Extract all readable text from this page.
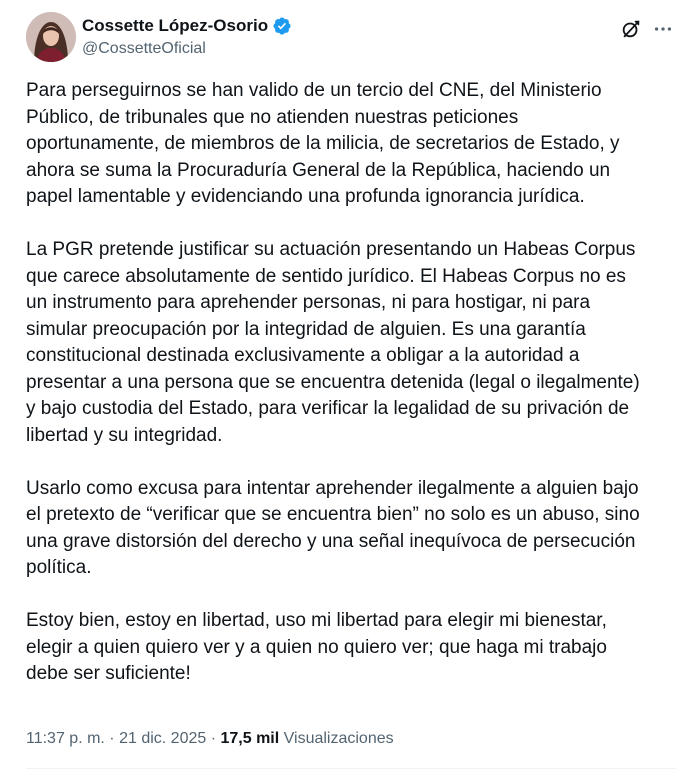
Cossette López-Osorio
@CossetteOficial

Para perseguirnos se han valido de un tercio del CNE, del Ministerio
Público, de tribunales que no atienden nuestras peticiones
oportunamente, de miembros de la milicia, de secretarios de Estado, y
ahora se suma la Procuraduría General de la República, haciendo un
papel lamentable y evidenciando una profunda ignorancia jurídica.

La PGR pretende justificar su actuación presentando un Habeas Corpus
que carece absolutamente de sentido jurídico. El Habeas Corpus no es
un instrumento para aprehender personas, ni para hostigar, ni para
simular preocupación por la integridad de alguien. Es una garantía
constitucional destinada exclusivamente a obligar a la autoridad a
presentar a una persona que se encuentra detenida (legal o ilegalmente)
y bajo custodia del Estado, para verificar la legalidad de su privación de
libertad y su integridad.

Usarlo como excusa para intentar aprehender ilegalmente a alguien bajo
el pretexto de “verificar que se encuentra bien” no solo es un abuso, sino
una grave distorsión del derecho y una señal inequívoca de persecución
política.

Estoy bien, estoy en libertad, uso mi libertad para elegir mi bienestar,
elegir a quien quiero ver y a quien no quiero ver; que haga mi trabajo
debe ser suficiente!

11:37 p. m. · 21 dic. 2025 · 17,5 mil Visualizaciones
